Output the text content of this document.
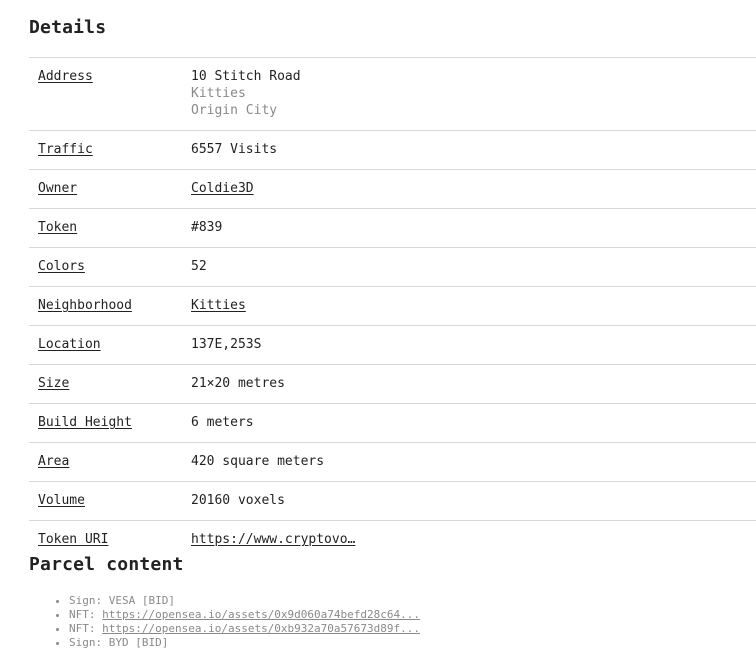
Details
Address	10 Stitch Road
Kitties
Origin City

Traffic	6557 Visits
Owner	Coldie3D
Token	#839
Colors	52
Neighborhood	Kitties
Location	137E,253S
Size	21×20 metres
Build Height	6 meters
Area	420 square meters
Volume	20160 voxels
Token URI	https://www.cryptovo…
Parcel content
• Sign: VESA [BID]
• NFT: https://opensea.io/assets/0x9d060a74befd28c64...
• NFT: https://opensea.io/assets/0xb932a70a57673d89f...
• Sign: BYD [BID]
